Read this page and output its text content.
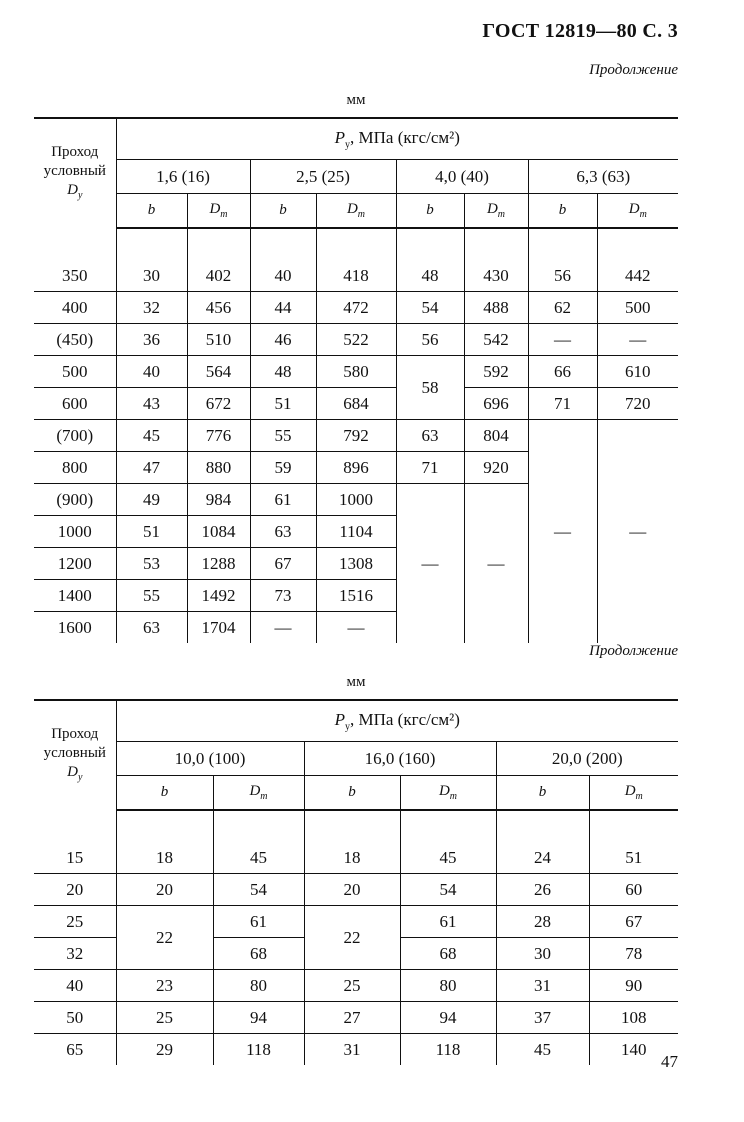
ГОСТ 12819—80 С. 3
Продолжение
мм
Проход
условный
$D_у$	$P_у$, МПа (кгс/см²)							
	1,6 (16)		2,5 (25)		4,0 (40)		6,3 (63)	
	b	$D_m$	b	$D_m$	b	$D_m$	b	$D_m$

350	30	402	40	418	48	430	56	442
400	32	456	44	472	54	488	62	500
(450)	36	510	46	522	56	542	—	—
500	40	564	48	580	58	592	66	610
600	43	672	51	684		696	71	720
(700)	45	776	55	792	63	804	—	—
800	47	880	59	896	71	920		
(900)	49	984	61	1000	—	—		
1000	51	1084	63	1104				
1200	53	1288	67	1308				
1400	55	1492	73	1516				
1600	63	1704	—	—				
Продолжение
мм
Проход
условный
$D_у$	$P_у$, МПа (кгс/см²)					
	10,0 (100)		16,0 (160)		20,0 (200)	
	b	$D_m$	b	$D_m$	b	$D_m$

15	18	45	18	45	24	51
20	20	54	20	54	26	60
25	22	61	22	61	28	67
32		68		68	30	78
40	23	80	25	80	31	90
50	25	94	27	94	37	108
65	29	118	31	118	45	140
47
